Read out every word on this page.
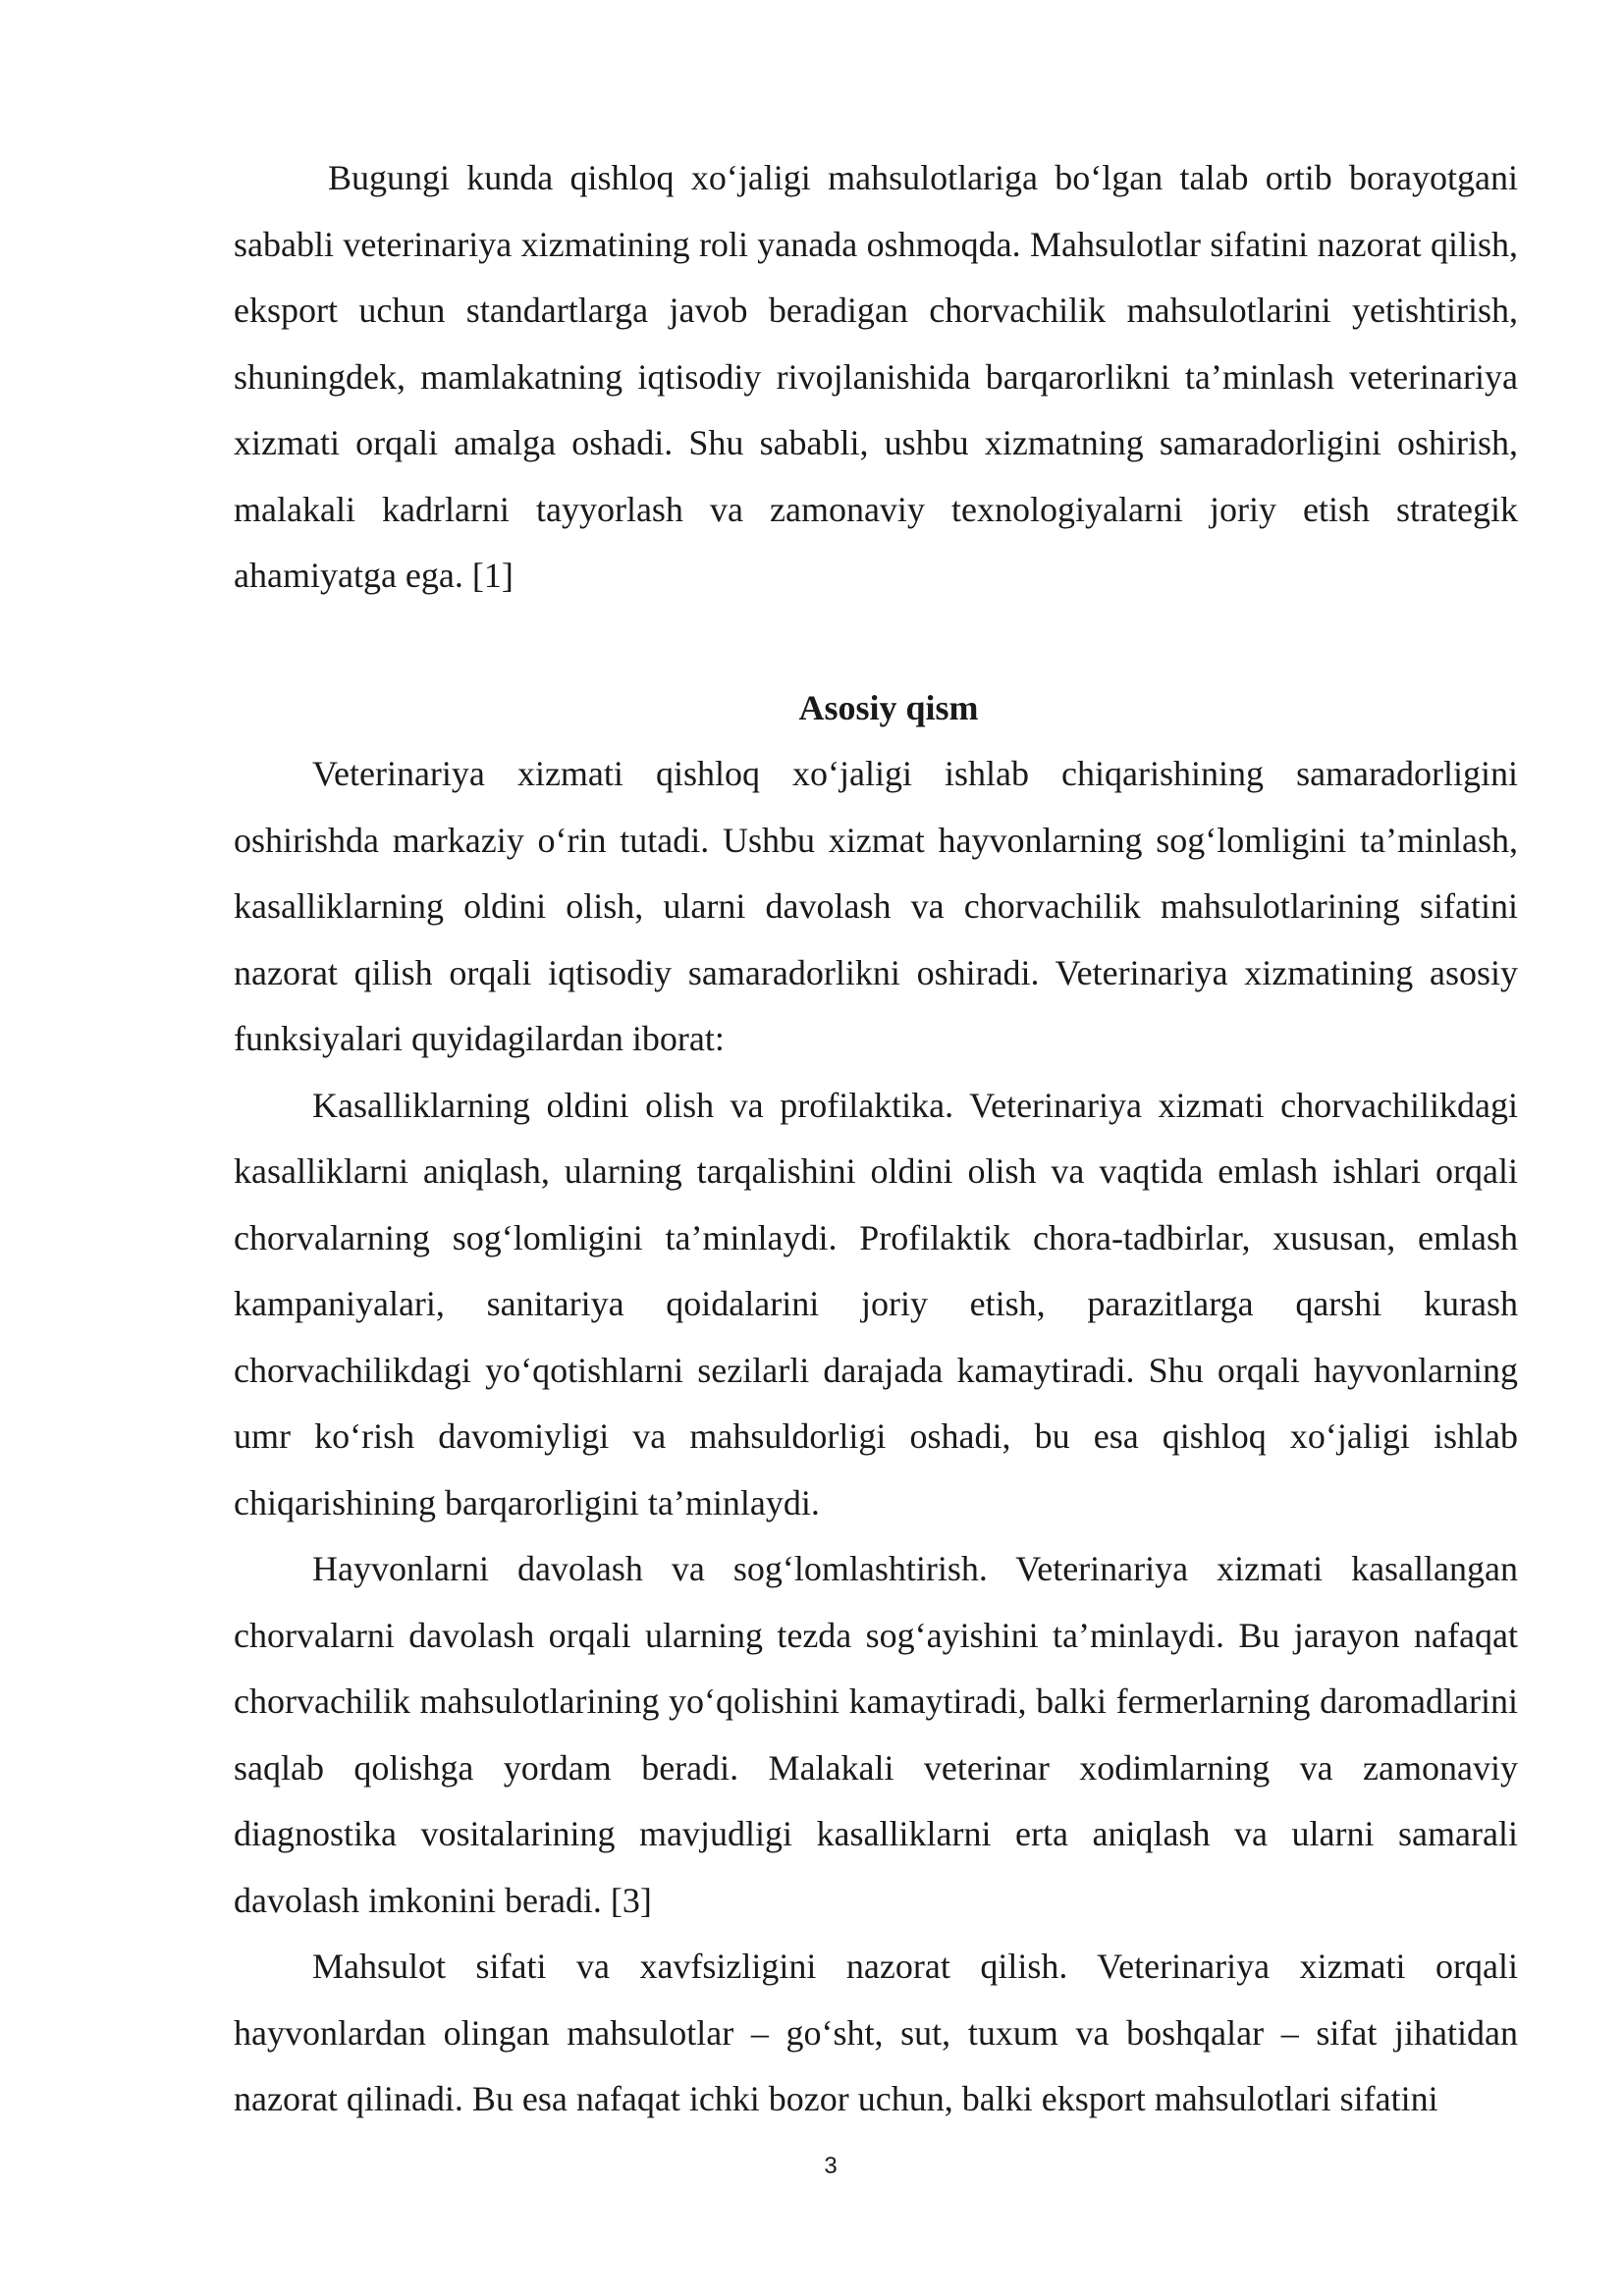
Bugungi kunda qishloq xo‘jaligi mahsulotlariga bo‘lgan talab ortib borayotgani sababli veterinariya xizmatining roli yanada oshmoqda. Mahsulotlar sifatini nazorat qilish, eksport uchun standartlarga javob beradigan chorvachilik mahsulotlarini yetishtirish, shuningdek, mamlakatning iqtisodiy rivojlanishida barqarorlikni ta’minlash veterinariya xizmati orqali amalga oshadi. Shu sababli, ushbu xizmatning samaradorligini oshirish, malakali kadrlarni tayyorlash va zamonaviy texnologiyalarni joriy etish strategik ahamiyatga ega. [1]

Asosiy qism

Veterinariya xizmati qishloq xo‘jaligi ishlab chiqarishining samaradorligini oshirishda markaziy o‘rin tutadi. Ushbu xizmat hayvonlarning sog‘lomligini ta’minlash, kasalliklarning oldini olish, ularni davolash va chorvachilik mahsulotlarining sifatini nazorat qilish orqali iqtisodiy samaradorlikni oshiradi. Veterinariya xizmatining asosiy funksiyalari quyidagilardan iborat:

Kasalliklarning oldini olish va profilaktika. Veterinariya xizmati chorvachilikdagi kasalliklarni aniqlash, ularning tarqalishini oldini olish va vaqtida emlash ishlari orqali chorvalarning sog‘lomligini ta’minlaydi. Profilaktik chora-tadbirlar, xususan, emlash kampaniyalari, sanitariya qoidalarini joriy etish, parazitlarga qarshi kurash chorvachilikdagi yo‘qotishlarni sezilarli darajada kamaytiradi. Shu orqali hayvonlarning umr ko‘rish davomiyligi va mahsuldorligi oshadi, bu esa qishloq xo‘jaligi ishlab chiqarishining barqarorligini ta’minlaydi.

Hayvonlarni davolash va sog‘lomlashtirish. Veterinariya xizmati kasallangan chorvalarni davolash orqali ularning tezda sog‘ayishini ta’minlaydi. Bu jarayon nafaqat chorvachilik mahsulotlarining yo‘qolishini kamaytiradi, balki fermerlarning daromadlarini saqlab qolishga yordam beradi. Malakali veterinar xodimlarning va zamonaviy diagnostika vositalarining mavjudligi kasalliklarni erta aniqlash va ularni samarali davolash imkonini beradi. [3]

Mahsulot sifati va xavfsizligini nazorat qilish. Veterinariya xizmati orqali hayvonlardan olingan mahsulotlar – go‘sht, sut, tuxum va boshqalar – sifat jihatidan nazorat qilinadi. Bu esa nafaqat ichki bozor uchun, balki eksport mahsulotlari sifatini

3
